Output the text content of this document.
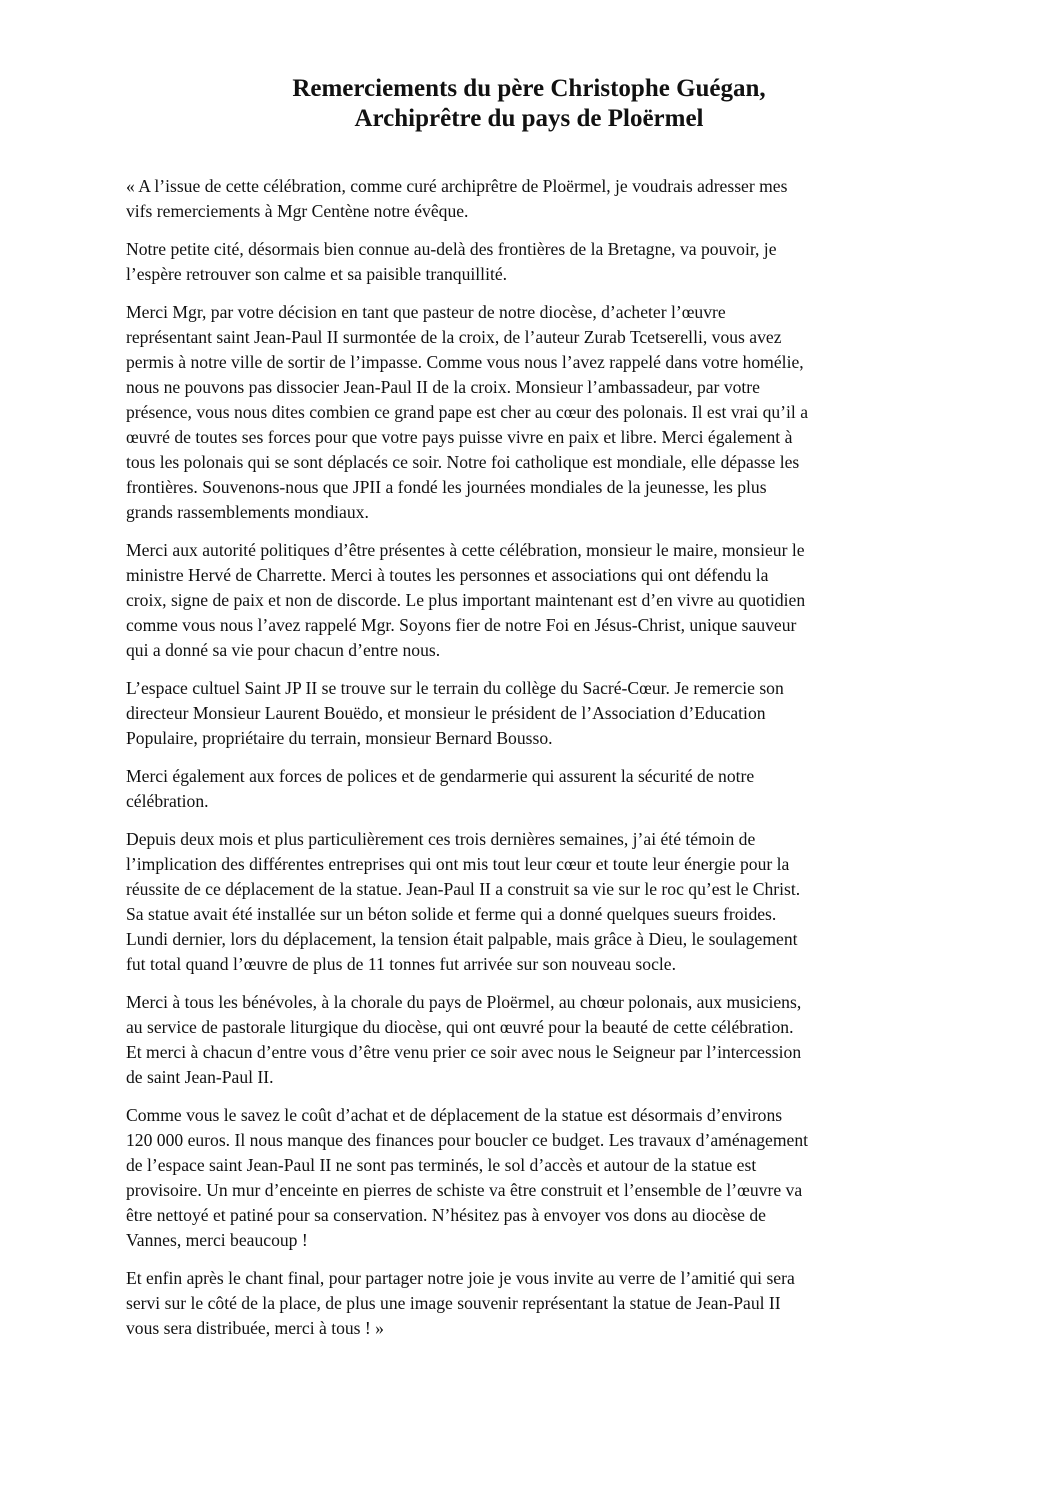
Remerciements du père Christophe Guégan,
Archiprêtre du pays de Ploërmel

« A l’issue de cette célébration, comme curé archiprêtre de Ploërmel, je voudrais adresser mes
vifs remerciements à Mgr Centène notre évêque.

Notre petite cité, désormais bien connue au-delà des frontières de la Bretagne, va pouvoir, je
l’espère retrouver son calme et sa paisible tranquillité.

Merci Mgr, par votre décision en tant que pasteur de notre diocèse, d’acheter l’œuvre
représentant saint Jean-Paul II surmontée de la croix, de l’auteur Zurab Tcetserelli, vous avez
permis à notre ville de sortir de l’impasse. Comme vous nous l’avez rappelé dans votre homélie,
nous ne pouvons pas dissocier Jean-Paul II de la croix. Monsieur l’ambassadeur, par votre
présence, vous nous dites combien ce grand pape est cher au cœur des polonais. Il est vrai qu’il a
œuvré de toutes ses forces pour que votre pays puisse vivre en paix et libre. Merci également à
tous les polonais qui se sont déplacés ce soir. Notre foi catholique est mondiale, elle dépasse les
frontières. Souvenons-nous que JPII a fondé les journées mondiales de la jeunesse, les plus
grands rassemblements mondiaux.

Merci aux autorité politiques d’être présentes à cette célébration, monsieur le maire, monsieur le
ministre Hervé de Charrette. Merci à toutes les personnes et associations qui ont défendu la
croix, signe de paix et non de discorde. Le plus important maintenant est d’en vivre au quotidien
comme vous nous l’avez rappelé Mgr. Soyons fier de notre Foi en Jésus-Christ, unique sauveur
qui a donné sa vie pour chacun d’entre nous.

L’espace cultuel Saint JP II se trouve sur le terrain du collège du Sacré-Cœur. Je remercie son
directeur Monsieur Laurent Bouëdo, et monsieur le président de l’Association d’Education
Populaire, propriétaire du terrain, monsieur Bernard Bousso.

Merci également aux forces de polices et de gendarmerie qui assurent la sécurité de notre
célébration.

Depuis deux mois et plus particulièrement ces trois dernières semaines, j’ai été témoin de
l’implication des différentes entreprises qui ont mis tout leur cœur et toute leur énergie pour la
réussite de ce déplacement de la statue. Jean-Paul II a construit sa vie sur le roc qu’est le Christ.
Sa statue avait été installée sur un béton solide et ferme qui a donné quelques sueurs froides.
Lundi dernier, lors du déplacement, la tension était palpable, mais grâce à Dieu, le soulagement
fut total quand l’œuvre de plus de 11 tonnes fut arrivée sur son nouveau socle.

Merci à tous les bénévoles, à la chorale du pays de Ploërmel, au chœur polonais, aux musiciens,
au service de pastorale liturgique du diocèse, qui ont œuvré pour la beauté de cette célébration.
Et merci à chacun d’entre vous d’être venu prier ce soir avec nous le Seigneur par l’intercession
de saint Jean-Paul II.

Comme vous le savez le coût d’achat et de déplacement de la statue est désormais d’environs
120 000 euros. Il nous manque des finances pour boucler ce budget. Les travaux d’aménagement
de l’espace saint Jean-Paul II ne sont pas terminés, le sol d’accès et autour de la statue est
provisoire. Un mur d’enceinte en pierres de schiste va être construit et l’ensemble de l’œuvre va
être nettoyé et patiné pour sa conservation. N’hésitez pas à envoyer vos dons au diocèse de
Vannes, merci beaucoup !

Et enfin après le chant final, pour partager notre joie je vous invite au verre de l’amitié qui sera
servi sur le côté de la place, de plus une image souvenir représentant la statue de Jean-Paul II
vous sera distribuée, merci à tous ! »
